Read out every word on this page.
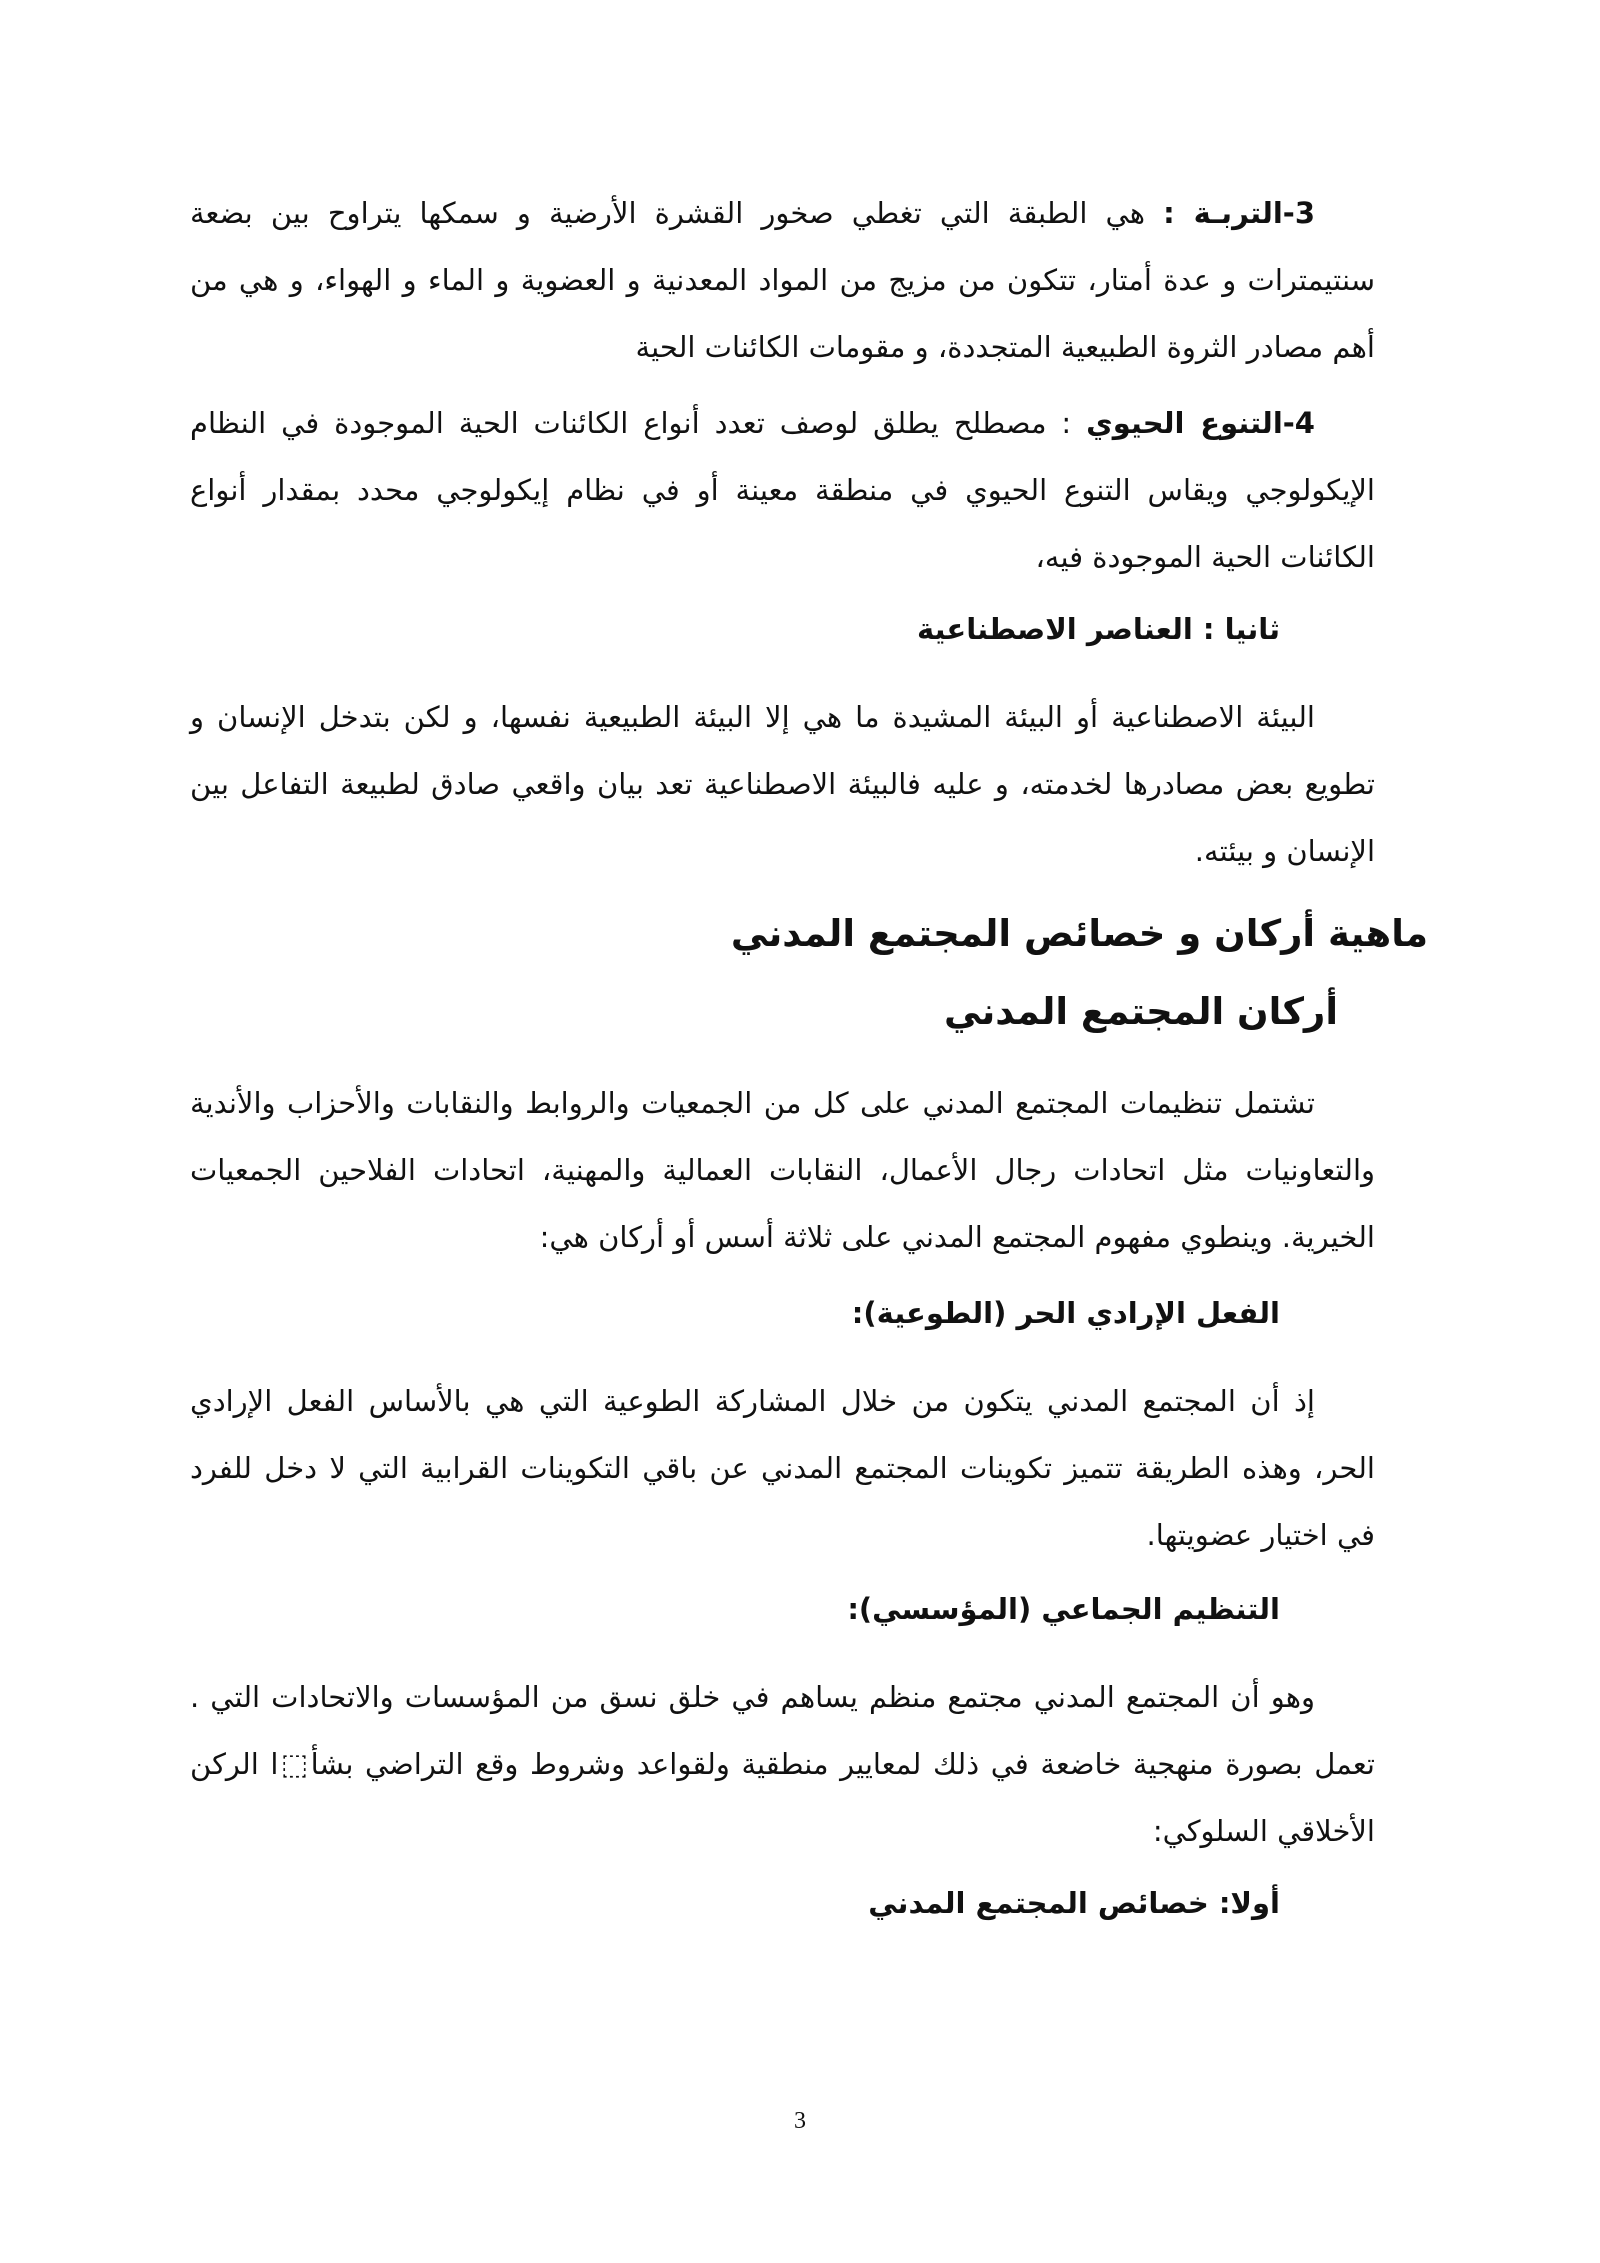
3-التربـة : هي الطبقة التي تغطي صخور القشرة الأرضية و سمكها يتراوح بين بضعة سنتيمترات و عدة أمتار، تتكون من مزيج من المواد المعدنية و العضوية و الماء و الهواء، و هي من أهم مصادر الثروة الطبيعية المتجددة، و مقومات الكائنات الحية

4-التنوع الحيوي : مصطلح يطلق لوصف تعدد أنواع الكائنات الحية الموجودة في النظام الإيكولوجي ويقاس التنوع الحيوي في منطقة معينة أو في نظام إيكولوجي محدد بمقدار أنواع الكائنات الحية الموجودة فيه،

ثانيا : العناصر الاصطناعية

البيئة الاصطناعية أو البيئة المشيدة ما هي إلا البيئة الطبيعية نفسها، و لكن بتدخل الإنسان و تطويع بعض مصادرها لخدمته، و عليه فالبيئة الاصطناعية تعد بيان واقعي صادق لطبيعة التفاعل بين الإنسان و بيئته.

ماهية أركان و خصائص المجتمع المدني
أركان المجتمع المدني

تشتمل تنظيمات المجتمع المدني على كل من الجمعيات والروابط والنقابات والأحزاب والأندية والتعاونيات مثل اتحادات رجال الأعمال، النقابات العمالية والمهنية، اتحادات الفلاحين الجمعيات الخيرية. وينطوي مفهوم المجتمع المدني على ثلاثة أسس أو أركان هي:

الفعل الإرادي الحر (الطوعية):

إذ أن المجتمع المدني يتكون من خلال المشاركة الطوعية التي هي بالأساس الفعل الإرادي الحر، وهذه الطريقة تتميز تكوينات المجتمع المدني عن باقي التكوينات القرابية التي لا دخل للفرد في اختيار عضويتها.

التنظيم الجماعي (المؤسسي):

وهو أن المجتمع المدني مجتمع منظم يساهم في خلق نسق من المؤسسات والاتحادات التي . تعمل بصورة منهجية خاضعة في ذلك لمعايير منطقية ولقواعد وشروط وقع التراضي بشأ⬚ا الركن الأخلاقي السلوكي:

أولا: خصائص المجتمع المدني
3
